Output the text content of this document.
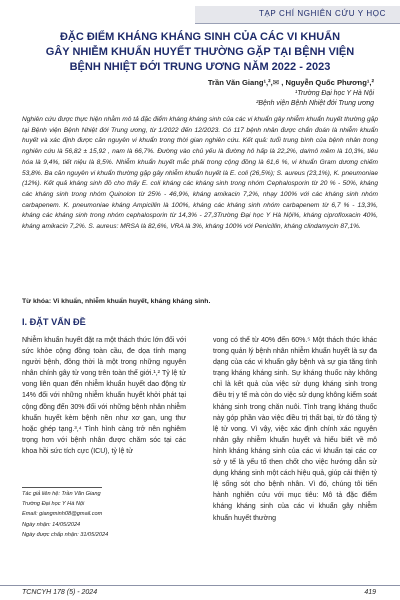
TẠP CHÍ NGHIÊN CỨU Y HỌC
ĐẶC ĐIỂM KHÁNG KHÁNG SINH CỦA CÁC VI KHUẨN
GÂY NHIỄM KHUẨN HUYẾT THƯỜNG GẶP TẠI BỆNH VIỆN
BỆNH NHIỆT ĐỚI TRUNG ƯƠNG NĂM 2022 - 2023
Trần Văn Giang¹,²,✉ , Nguyễn Quốc Phương¹,²
¹Trường Đại học Y Hà Nội
²Bệnh viện Bệnh Nhiệt đới Trung ương

Nghiên cứu được thực hiện nhằm mô tả đặc điểm kháng kháng sinh của các vi khuẩn gây nhiễm khuẩn huyết thường gặp tại Bệnh viện Bệnh Nhiệt đới Trung ương, từ 1/2022 đến 12/2023. Có 117 bệnh nhân được chẩn đoán là nhiễm khuẩn huyết và xác định được căn nguyên vi khuẩn trong thời gian nghiên cứu. Kết quả: tuổi trung bình của bệnh nhân trong nghiên cứu là 56,82 ± 15,92 , nam là 66,7%. Đường vào chủ yếu là đường hô hấp là 22,2%, da/mô mềm là 10,3%, tiêu hóa là 9,4%, tiết niệu là 8,5%. Nhiễm khuẩn huyết mắc phải trong cộng đồng là 61,6 %, vi khuẩn Gram dương chiếm 53,8%. Ba căn nguyên vi khuẩn thường gặp gây nhiễm khuẩn huyết là E. coli (26,5%); S. aureus (23,1%), K. pneumoniae (12%). Kết quả kháng sinh đồ cho thấy E. coli kháng các kháng sinh trong nhóm Cephalosporin từ 20 % - 50%, kháng các kháng sinh trong nhóm Quinolon từ 25% - 46,9%, kháng amikacin 7,2%, nhạy 100% với các kháng sinh nhóm carbapenem. K. pneumoniae kháng Ampicillin là 100%, kháng các kháng sinh nhóm carbapenem từ 6,7 % - 13,3%, kháng các kháng sinh trong nhóm cephalosporin từ 14,3% - 27,3Trường Đại học Y Hà Nội%, kháng ciprofloxacin 40%, kháng amikacin 7,2%. S. aureus: MRSA là 82,6%, VRA là 3%, kháng 100% với Penicillin, kháng clindamycin 87,1%.

Từ khóa: Vi khuẩn, nhiễm khuẩn huyết, kháng kháng sinh.
I. ĐẶT VẤN ĐỀ

Nhiễm khuẩn huyết đặt ra một thách thức lớn đối với sức khỏe cộng đồng toàn cầu, đe dọa tính mạng người bệnh, đồng thời là một trong những nguyên nhân chính gây tử vong trên toàn thế giới.¹,² Tỷ lệ tử vong liên quan đến nhiễm khuẩn huyết dao động từ 14% đối với những nhiễm khuẩn huyết khởi phát tại cộng đồng đến 30% đối với những bệnh nhân nhiễm khuẩn huyết kèm bệnh nền như xơ gan, ung thư hoặc ghép tạng.³,⁴ Tình hình càng trở nên nghiêm trọng hơn với bệnh nhân được chăm sóc tại các khoa hồi sức tích cực (ICU), tỷ lệ tử

vong có thể từ 40% đến 60%.⁵ Một thách thức khác trong quản lý bệnh nhân nhiễm khuẩn huyết là sự đa dạng của các vi khuẩn gây bệnh và sự gia tăng tình trạng kháng kháng sinh. Sự kháng thuốc này không chỉ là kết quả của việc sử dụng kháng sinh trong điều trị y tế mà còn do việc sử dụng không kiểm soát kháng sinh trong chăn nuôi. Tình trạng kháng thuốc này góp phần vào việc điều trị thất bại, từ đó tăng tỷ lệ tử vong. Vì vậy, việc xác định chính xác nguyên nhân gây nhiễm khuẩn huyết và hiểu biết về mô hình kháng kháng sinh của các vi khuẩn tại các cơ sở y tế là yếu tố then chốt cho việc hướng dẫn sử dụng kháng sinh một cách hiệu quả, giúp cải thiện tỷ lệ sống sót cho bệnh nhân. Vì đó, chúng tôi tiến hành nghiên cứu với mục tiêu: Mô tả đặc điểm kháng kháng sinh của các vi khuẩn gây nhiễm khuẩn huyết thường

Tác giả liên hệ: Trần Văn Giang
Trường Đại học Y Hà Nội
Email: giangminh08@gmail.com
Ngày nhận: 14/05/2024
Ngày được chấp nhận: 31/05/2024
TCNCYH 178 (5) - 2024	419
